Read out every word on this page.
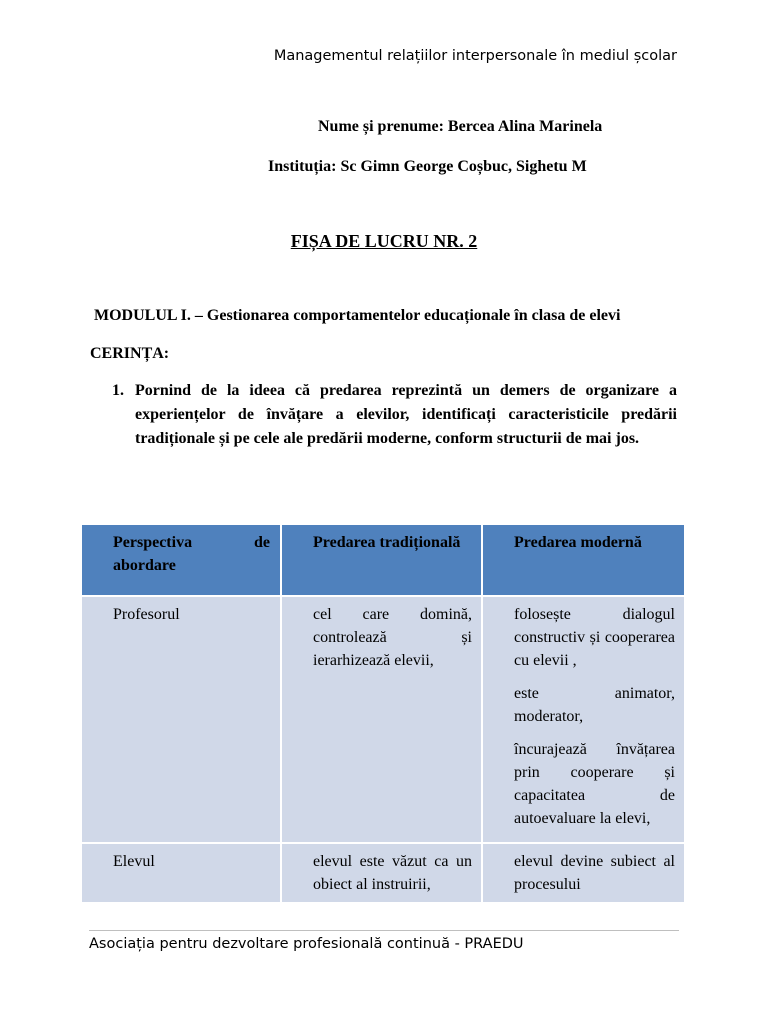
Managementul relațiilor interpersonale în mediul școlar
Nume și prenume: Bercea Alina Marinela
Instituția: Sc Gimn George Coșbuc, Sighetu M
FIȘA DE LUCRU NR. 2
MODULUL I. – Gestionarea comportamentelor educaționale în clasa de elevi
CERINȚA:
1. Pornind de la ideea că predarea reprezintă un demers de organizare a experiențelor de învățare a elevilor, identificați caracteristicile predării tradiționale și pe cele ale predării moderne, conform structurii de mai jos.
Perspectiva de abordare	Predarea tradițională	Predarea modernă
Profesorul	cel care domină, controlează și ierarhizează elevii,	folosește dialogul constructiv și cooperarea cu elevii ,

este animator, moderator,

încurajează învățarea prin cooperare și capacitatea de autoevaluare la elevi,

Elevul	elevul este văzut ca un obiect al instruirii,	elevul devine subiect al procesului

Asociația pentru dezvoltare profesională continuă - PRAEDU
